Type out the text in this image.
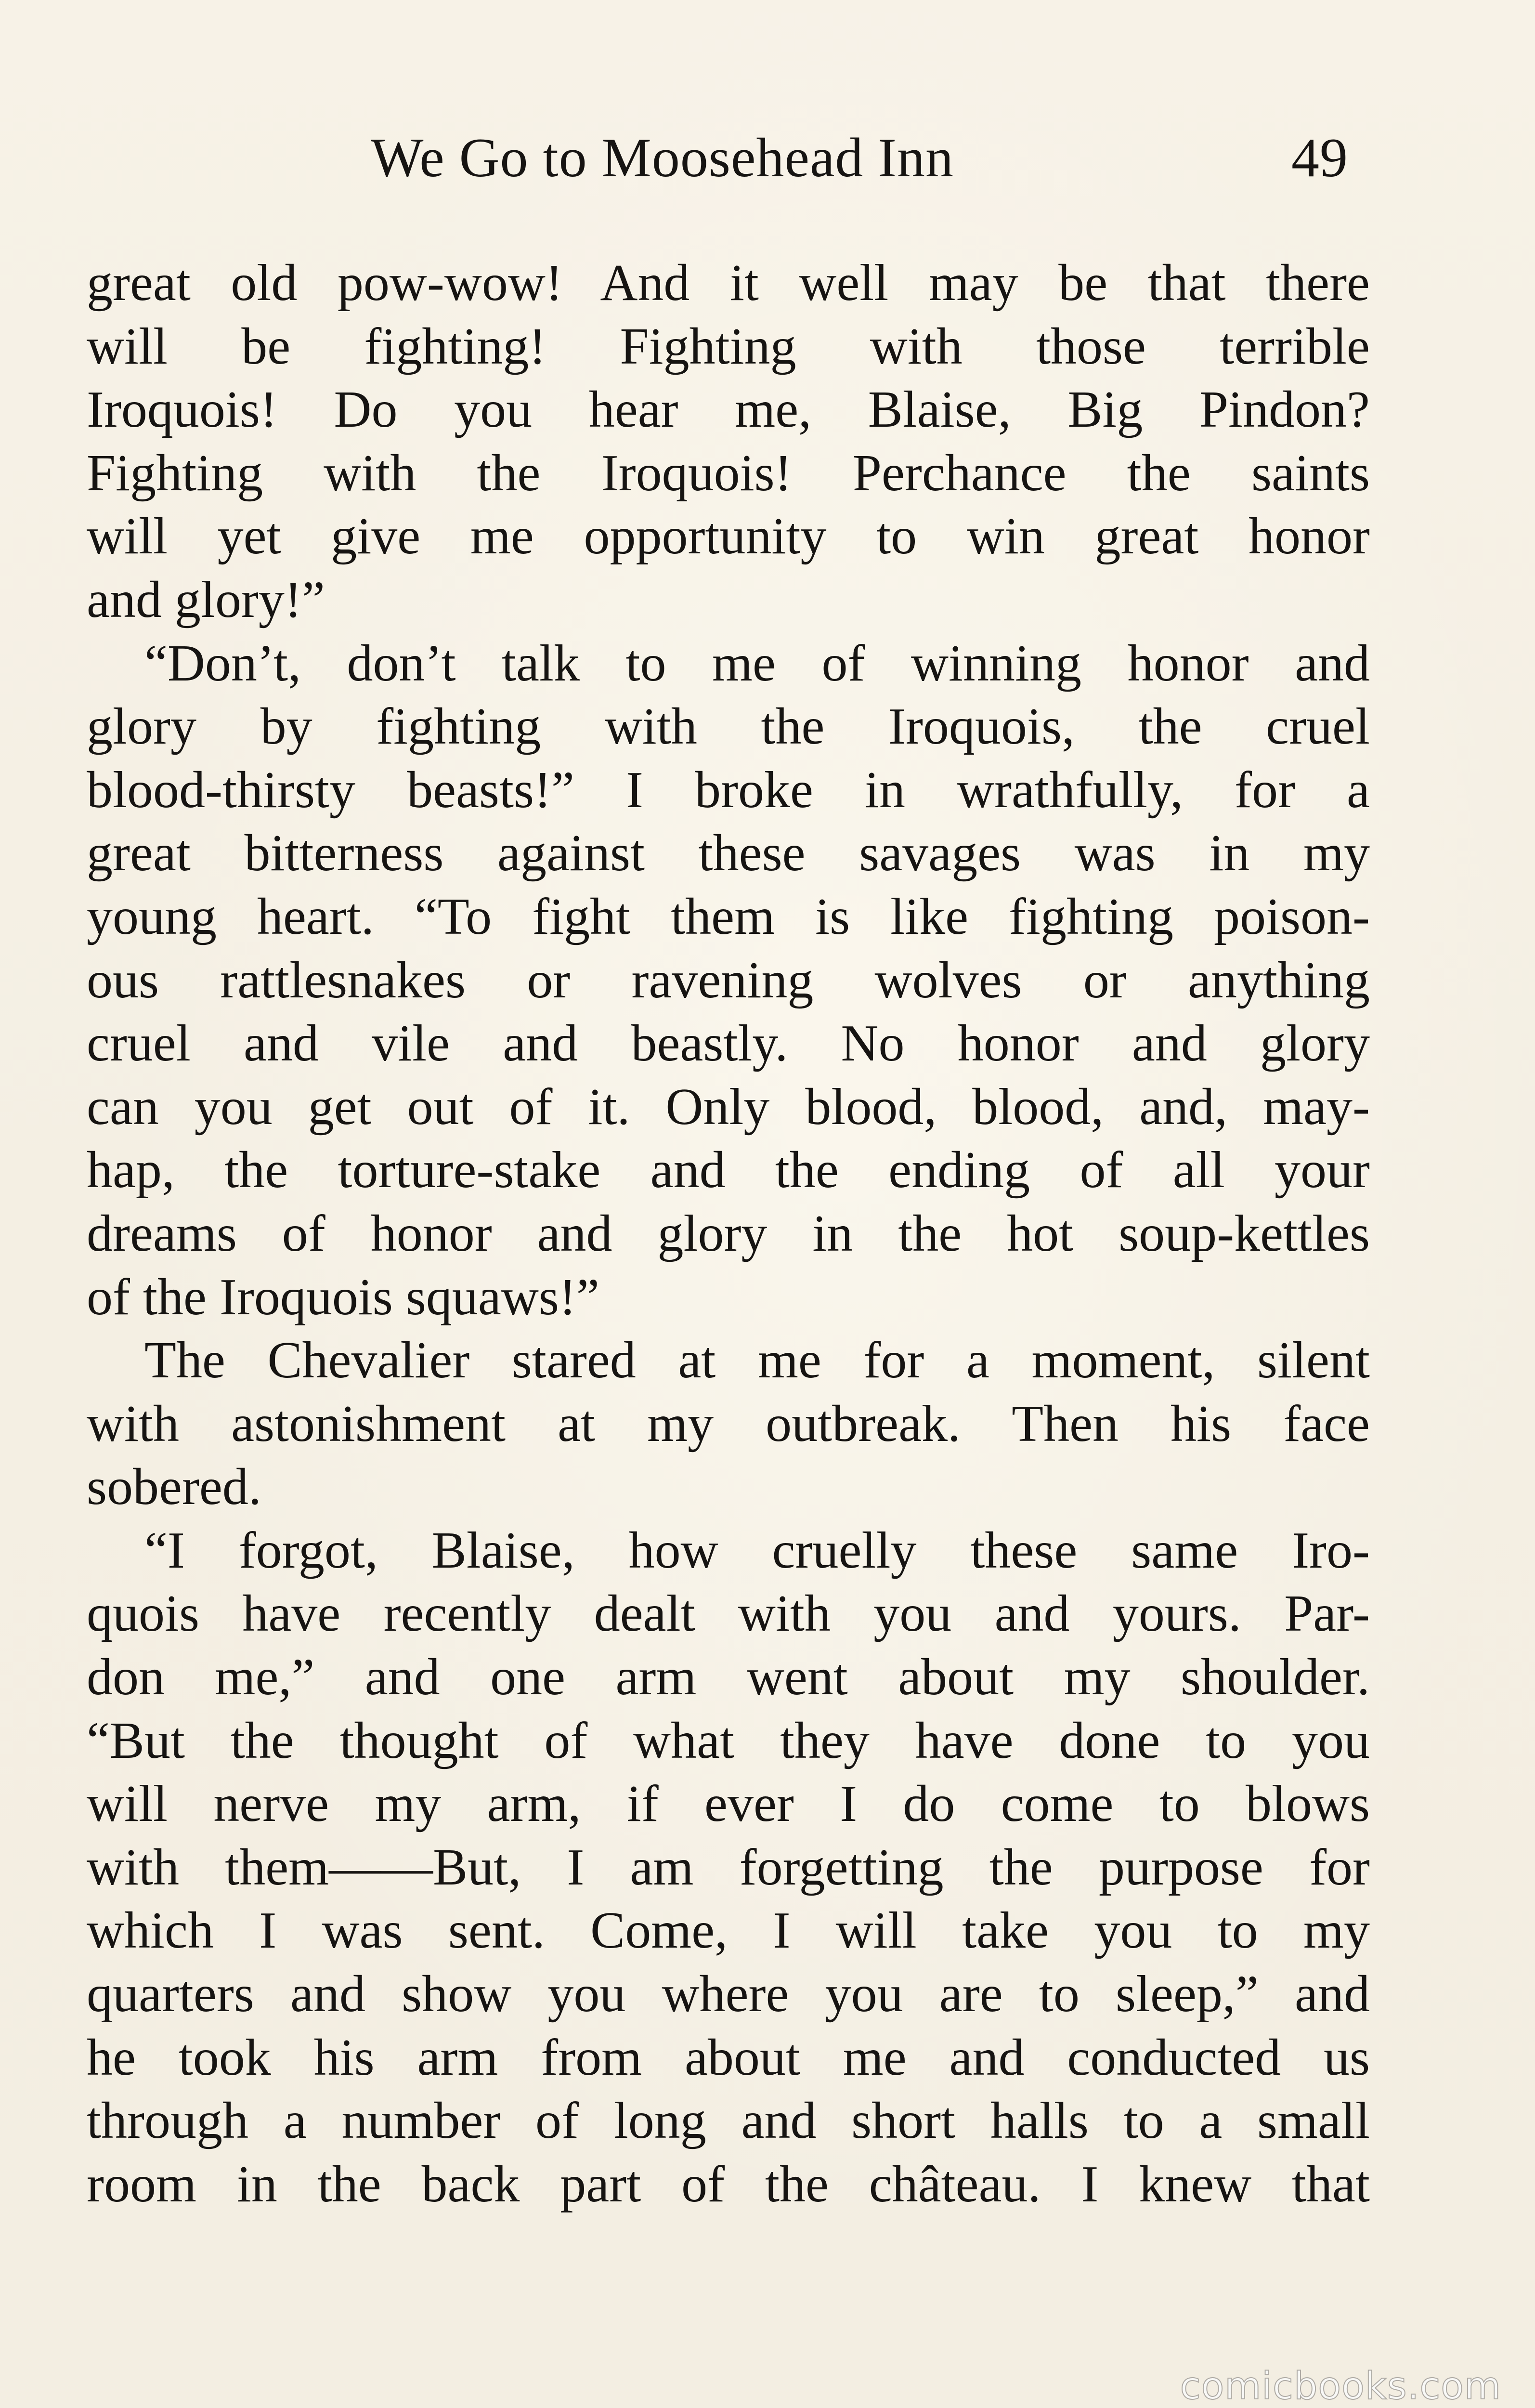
We Go to Moosehead Inn	49
great old pow-wow! And it well may be that there
will be fighting! Fighting with those terrible
Iroquois! Do you hear me, Blaise, Big Pindon?
Fighting with the Iroquois! Perchance the saints
will yet give me opportunity to win great honor
and glory!”
“Don’t, don’t talk to me of winning honor and
glory by fighting with the Iroquois, the cruel
blood-thirsty beasts!” I broke in wrathfully, for a
great bitterness against these savages was in my
young heart. “To fight them is like fighting poison-
ous rattlesnakes or ravening wolves or anything
cruel and vile and beastly. No honor and glory
can you get out of it. Only blood, blood, and, may-
hap, the torture-stake and the ending of all your
dreams of honor and glory in the hot soup-kettles
of the Iroquois squaws!”
The Chevalier stared at me for a moment, silent
with astonishment at my outbreak. Then his face
sobered.
“I forgot, Blaise, how cruelly these same Iro-
quois have recently dealt with you and yours. Par-
don me,” and one arm went about my shoulder.
“But the thought of what they have done to you
will nerve my arm, if ever I do come to blows
with them——But, I am forgetting the purpose for
which I was sent. Come, I will take you to my
quarters and show you where you are to sleep,” and
he took his arm from about me and conducted us
through a number of long and short halls to a small
room in the back part of the château. I knew that
comicbooks.com
